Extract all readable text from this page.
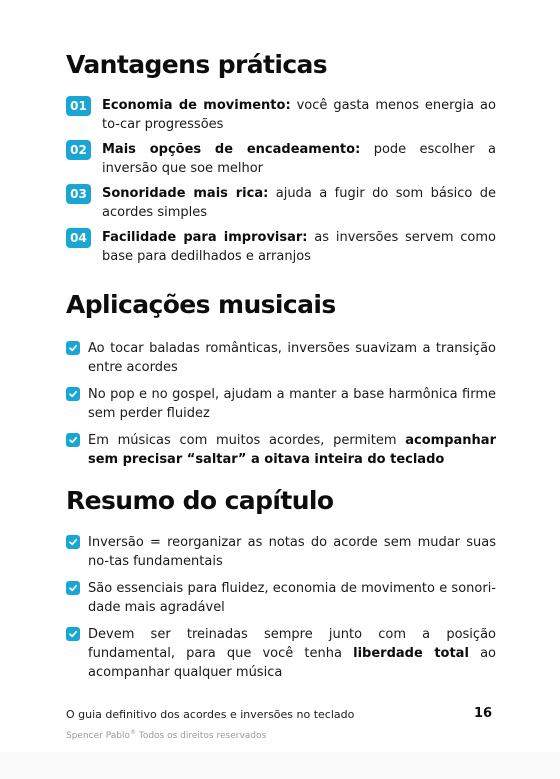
Vantagens práticas
01	Economia de movimento: você gasta menos energia ao to-car progressões
02	Mais opções de encadeamento: pode escolher a inversão que soe melhor
03	Sonoridade mais rica: ajuda a fugir do som básico de acordes simples
04	Facilidade para improvisar: as inversões servem como base para dedilhados e arranjos
Aplicações musicais
Ao tocar baladas românticas, inversões suavizam a transição entre acordes
No pop e no gospel, ajudam a manter a base harmônica firme sem perder fluidez
Em músicas com muitos acordes, permitem acompanhar sem precisar “saltar” a oitava inteira do teclado
Resumo do capítulo
Inversão = reorganizar as notas do acorde sem mudar suas no-tas fundamentais
São essenciais para fluidez, economia de movimento e sonori-dade mais agradável
Devem ser treinadas sempre junto com a posição fundamental, para que você tenha liberdade total ao acompanhar qualquer música
O guia definitivo dos acordes e inversões no teclado	16
Spencer Pablo® Todos os direitos reservados
